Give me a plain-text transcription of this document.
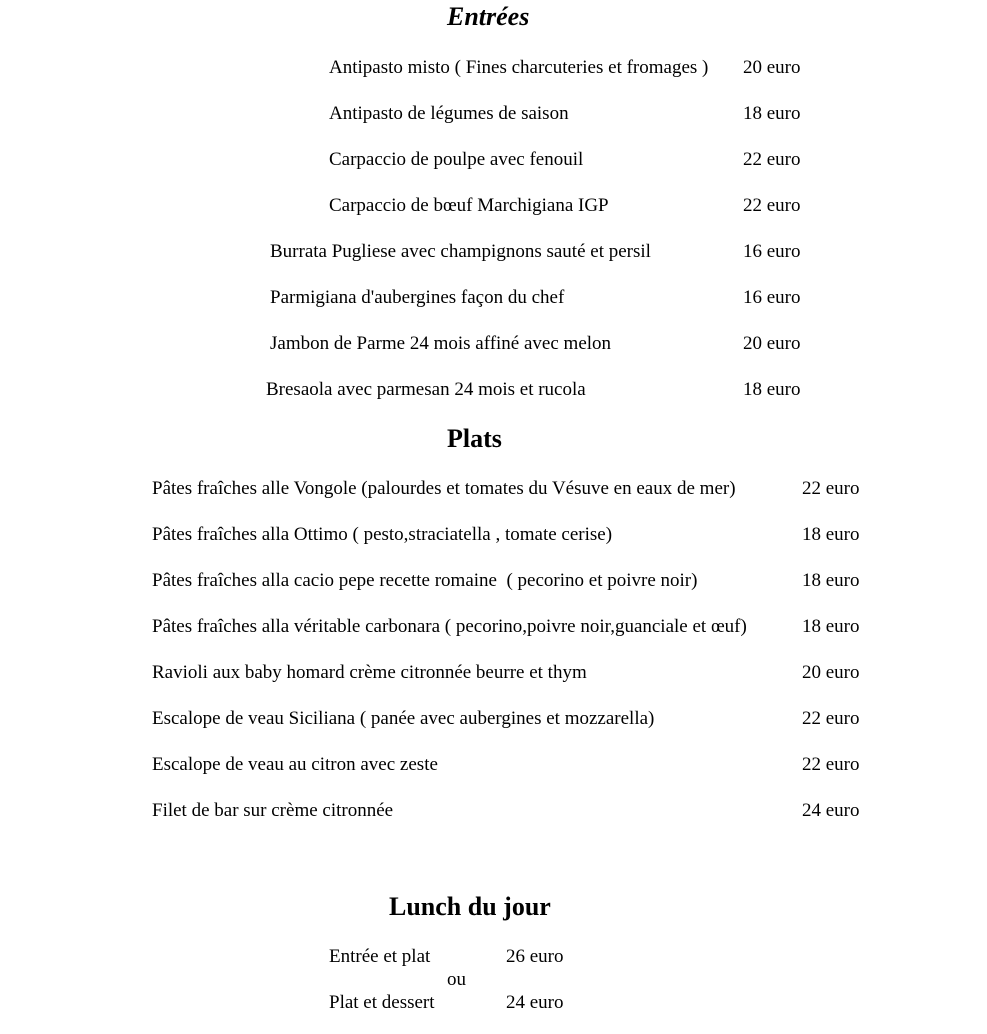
Entrées
Antipasto misto ( Fines charcuteries et fromages ) 20 euro
Antipasto de légumes de saison	18 euro
Carpaccio de poulpe avec fenouil	22 euro
Carpaccio de bœuf Marchigiana IGP	22 euro
Burrata Pugliese avec champignons sauté et persil	16 euro
Parmigiana d'aubergines façon du chef	16 euro
Jambon de Parme 24 mois affiné avec melon	20 euro
Bresaola avec parmesan 24 mois et rucola	18 euro
Plats
Pâtes fraîches alle Vongole (palourdes et tomates du Vésuve en eaux de mer)	22 euro
Pâtes fraîches alla Ottimo ( pesto,straciatella , tomate cerise)	18 euro
Pâtes fraîches alla cacio pepe recette romaine  ( pecorino et poivre noir)	18 euro
Pâtes fraîches alla véritable carbonara ( pecorino,poivre noir,guanciale et œuf)	18 euro
Ravioli aux baby homard crème citronnée beurre et thym	20 euro
Escalope de veau Siciliana ( panée avec aubergines et mozzarella)	22 euro
Escalope de veau au citron avec zeste	22 euro
Filet de bar sur crème citronnée	24 euro
Lunch du jour
Entrée et plat	26 euro
ou
Plat et dessert	24 euro
